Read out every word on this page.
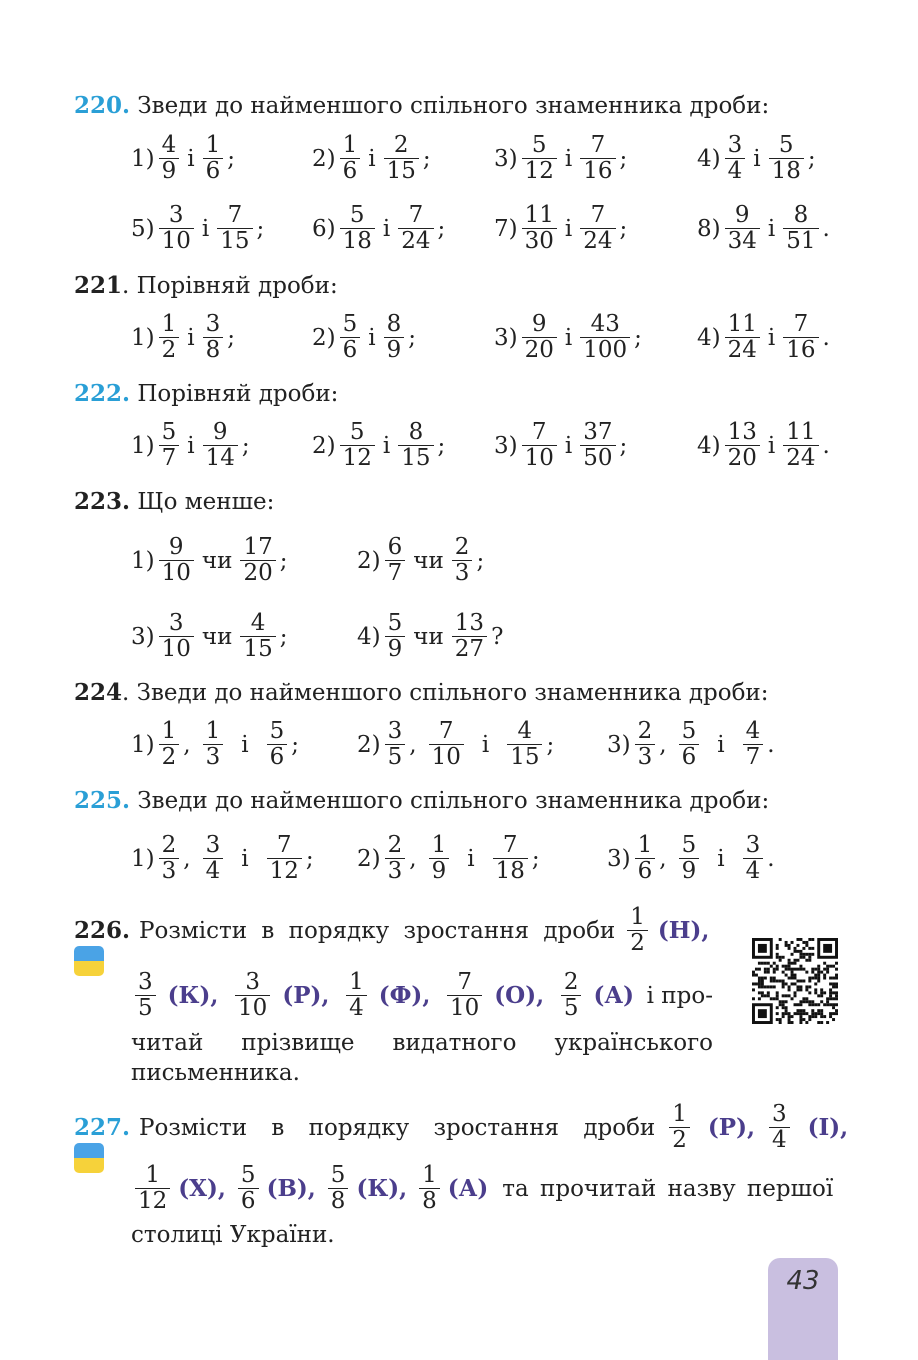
220. Зведи до найменшого спільного знаменника дроби:
$1) \frac{4}{9}$ і $\frac{1}{6}$ ;	$2) \frac{1}{6}$ і $\frac{2}{15}$ ;	$3) \frac{5}{12}$ і $\frac{7}{16}$ ;	$4) \frac{3}{4}$ і $\frac{5}{18}$ ;
$5) \frac{3}{10}$ і $\frac{7}{15}$ ; $6) \frac{5}{18}$ і $\frac{7}{24}$ ; $7) \frac{11}{30}$ і $\frac{7}{24}$ ;	$8) \frac{9}{34}$ і $\frac{8}{51}$ .
221. Порівняй дроби:
$1) \frac{1}{2}$ і $\frac{3}{8}$ ;	$2) \frac{5}{6}$ і $\frac{8}{9}$ ;	$3) \frac{9}{20}$ і $\frac{43}{100}$ ; $4) \frac{11}{24}$ і $\frac{7}{16}$ .
222. Порівняй дроби:
$1) \frac{5}{7}$ і $\frac{9}{14}$ ;	$2) \frac{5}{12}$ і $\frac{8}{15}$ ; $3) \frac{7}{10}$ і $\frac{37}{50}$ ;	$4) \frac{13}{20}$ і $\frac{11}{24}$ .
223. Що менше:
$1) \frac{9}{10}$ чи $\frac{17}{20}$ ;	$2) \frac{6}{7}$ чи $\frac{2}{3}$ ;
$3) \frac{3}{10}$ чи $\frac{4}{15}$ ;	$4) \frac{5}{9}$ чи $\frac{13}{27}$ ?
224. Зведи до найменшого спільного знаменника дроби:
$1) \frac{1}{2}$ , $\frac{1}{3}$ і $\frac{5}{6}$ ;	$2) \frac{3}{5}$ , $\frac{7}{10}$ і $\frac{4}{15}$ ; $3) \frac{2}{3}$ , $\frac{5}{6}$ і $\frac{4}{7}$ .
225. Зведи до найменшого спільного знаменника дроби:
$1) \frac{2}{3}$ , $\frac{3}{4}$ і $\frac{7}{12}$ ; $2) \frac{2}{3}$ , $\frac{1}{9}$ і $\frac{7}{18}$ ;	$3) \frac{1}{6}$ , $\frac{5}{9}$ і $\frac{3}{4}$ .
226. Розмісти в порядку зростання дроби $\frac{1}{2} (Н)$ ,
$\frac{3}{5} (К)$ , $\frac{3}{10} (Р)$ , $\frac{1}{4} (Ф)$ , $\frac{7}{10} (О)$ , $\frac{2}{5} (А)$ і про-
читай прізвище видатного українського
письменника.
227. Розмісти в порядку зростання дроби $\frac{1}{2} (Р)$ , $\frac{3}{4} (І)$ ,
$\frac{1}{12} (Х)$ , $\frac{5}{6} (В)$ , $\frac{5}{8} (К)$ , $\frac{1}{8} (А)$ та прочитай назву першої
столиці України.
43
